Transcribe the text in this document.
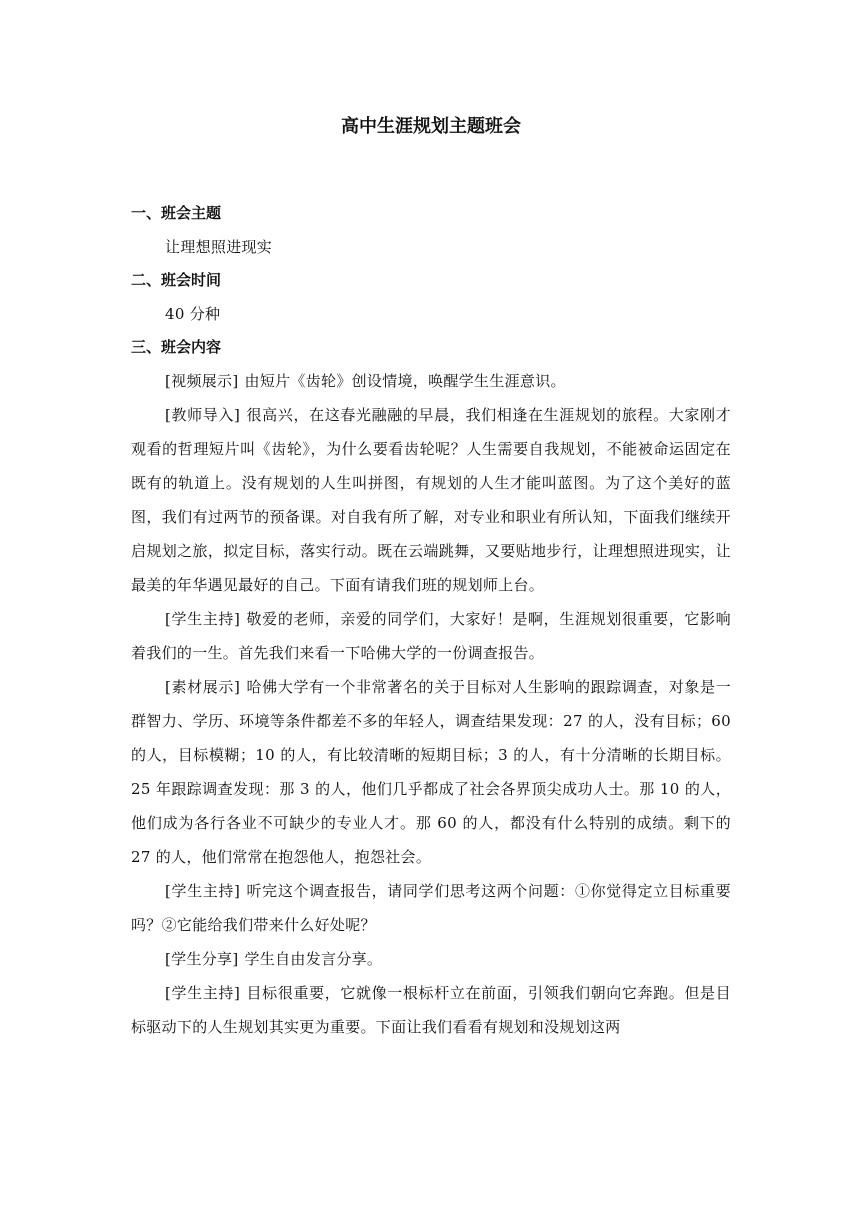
高中生涯规划主题班会

一、班会主题

让理想照进现实

二、班会时间

40 分种

三、班会内容

[视频展示] 由短片《齿轮》创设情境，唤醒学生生涯意识。

[教师导入] 很高兴，在这春光融融的早晨，我们相逢在生涯规划的旅程。大家刚才观看的哲理短片叫《齿轮》，为什么要看齿轮呢？人生需要自我规划，不能被命运固定在既有的轨道上。没有规划的人生叫拼图，有规划的人生才能叫蓝图。为了这个美好的蓝图，我们有过两节的预备课。对自我有所了解，对专业和职业有所认知，下面我们继续开启规划之旅，拟定目标，落实行动。既在云端跳舞，又要贴地步行，让理想照进现实，让最美的年华遇见最好的自己。下面有请我们班的规划师上台。

[学生主持] 敬爱的老师，亲爱的同学们，大家好！是啊，生涯规划很重要，它影响着我们的一生。首先我们来看一下哈佛大学的一份调查报告。

[素材展示] 哈佛大学有一个非常著名的关于目标对人生影响的跟踪调查，对象是一群智力、学历、环境等条件都差不多的年轻人，调查结果发现：27 的人，没有目标；60 的人，目标模糊；10 的人，有比较清晰的短期目标；3 的人，有十分清晰的长期目标。25 年跟踪调查发现：那 3 的人，他们几乎都成了社会各界顶尖成功人士。那 10 的人，他们成为各行各业不可缺少的专业人才。那 60 的人，都没有什么特别的成绩。剩下的 27 的人，他们常常在抱怨他人，抱怨社会。

[学生主持] 听完这个调查报告，请同学们思考这两个问题：①你觉得定立目标重要吗？②它能给我们带来什么好处呢？

[学生分享] 学生自由发言分享。

[学生主持] 目标很重要，它就像一根标杆立在前面，引领我们朝向它奔跑。但是目标驱动下的人生规划其实更为重要。下面让我们看看有规划和没规划这两
